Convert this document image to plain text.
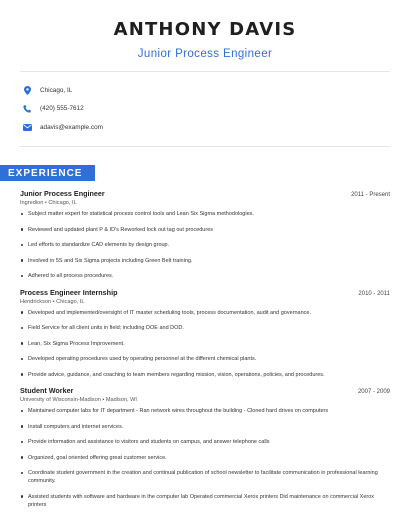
ANTHONY DAVIS
Junior Process Engineer
Chicago, IL
(420) 555-7612
adavis@example.com
EXPERIENCE
Junior Process Engineer	2011 - Present
Ingredion • Chicago, IL
Subject matter expert for statistical process control tools and Lean Six Sigma methodologies.
Reviewed and updated plant P & ID's Reworked lock out tag out procedures
Led efforts to standardize CAD elements by design group.
Involved in 5S and Six Sigma projects including Green Belt training.
Adhered to all process procedures.
Process Engineer Internship	2010 - 2011
Hendrickson • Chicago, IL
Developed and implemented/oversight of IT master scheduling tools, process documentation, audit and governance.
Field Service for all client units in field; including DOE and DOD.
Lean, Six Sigma Process Improvement.
Developed operating procedures used by operating personnel at the different chemical plants.
Provide advice, guidance, and coaching to team members regarding mission, vision, operations, policies, and procedures.
Student Worker	2007 - 2009
University of Wisconsin-Madison • Madison, WI
Maintained computer labs for IT department - Ran network wires throughout the building - Cloned hard drives on computers
Install computers and internet services.
Provide information and assistance to visitors and students on campus, and answer telephone calls
Organized, goal oriented offering great customer service.
Coordinate student government in the creation and continual publication of school newsletter to facilitate communication in professional learning community.
Assisted students with software and hardware in the computer lab Operated commercial Xerox printers Did maintenance on commercial Xerox printers
